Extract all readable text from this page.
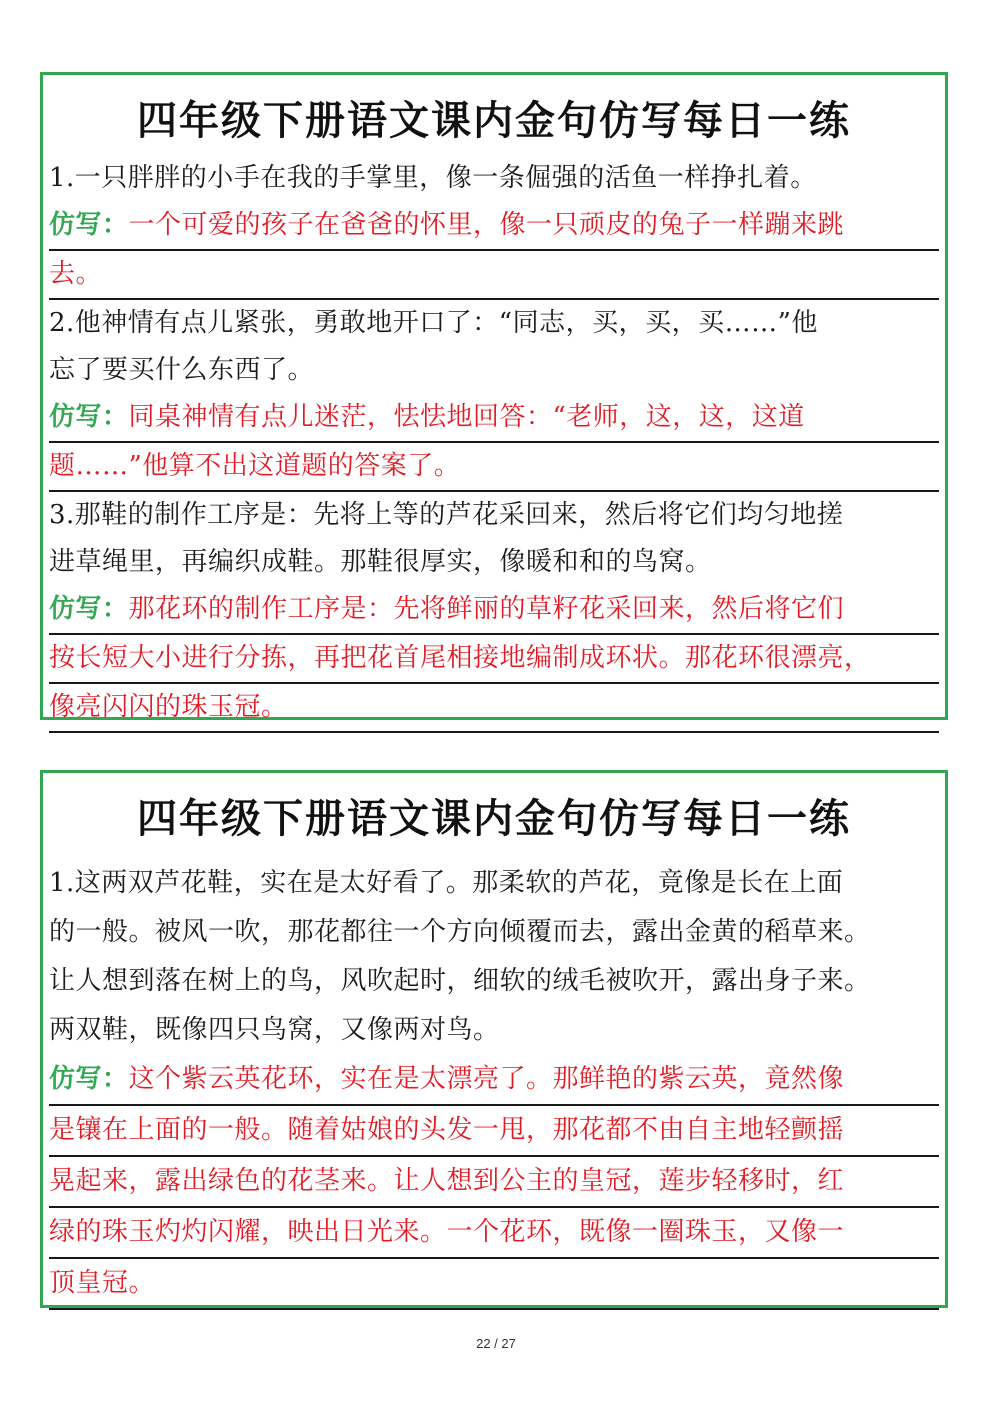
四年级下册语文课内金句仿写每日一练
1.一只胖胖的小手在我的手掌里，像一条倔强的活鱼一样挣扎着。
仿写：一个可爱的孩子在爸爸的怀里，像一只顽皮的兔子一样蹦来跳
去。
2.他神情有点儿紧张，勇敢地开口了：“同志，买，买，买……”他
忘了要买什么东西了。
仿写：同桌神情有点儿迷茫，怯怯地回答：“老师，这，这，这道
题……”他算不出这道题的答案了。
3.那鞋的制作工序是：先将上等的芦花采回来，然后将它们均匀地搓
进草绳里，再编织成鞋。那鞋很厚实，像暖和和的鸟窝。
仿写：那花环的制作工序是：先将鲜丽的草籽花采回来，然后将它们
按长短大小进行分拣，再把花首尾相接地编制成环状。那花环很漂亮，
像亮闪闪的珠玉冠。
四年级下册语文课内金句仿写每日一练
1.这两双芦花鞋，实在是太好看了。那柔软的芦花，竟像是长在上面
的一般。被风一吹，那花都往一个方向倾覆而去，露出金黄的稻草来。
让人想到落在树上的鸟，风吹起时，细软的绒毛被吹开，露出身子来。
两双鞋，既像四只鸟窝，又像两对鸟。
仿写：这个紫云英花环，实在是太漂亮了。那鲜艳的紫云英，竟然像
是镶在上面的一般。随着姑娘的头发一甩，那花都不由自主地轻颤摇
晃起来，露出绿色的花茎来。让人想到公主的皇冠，莲步轻移时，红
绿的珠玉灼灼闪耀，映出日光来。一个花环，既像一圈珠玉，又像一
顶皇冠。
22 / 27
